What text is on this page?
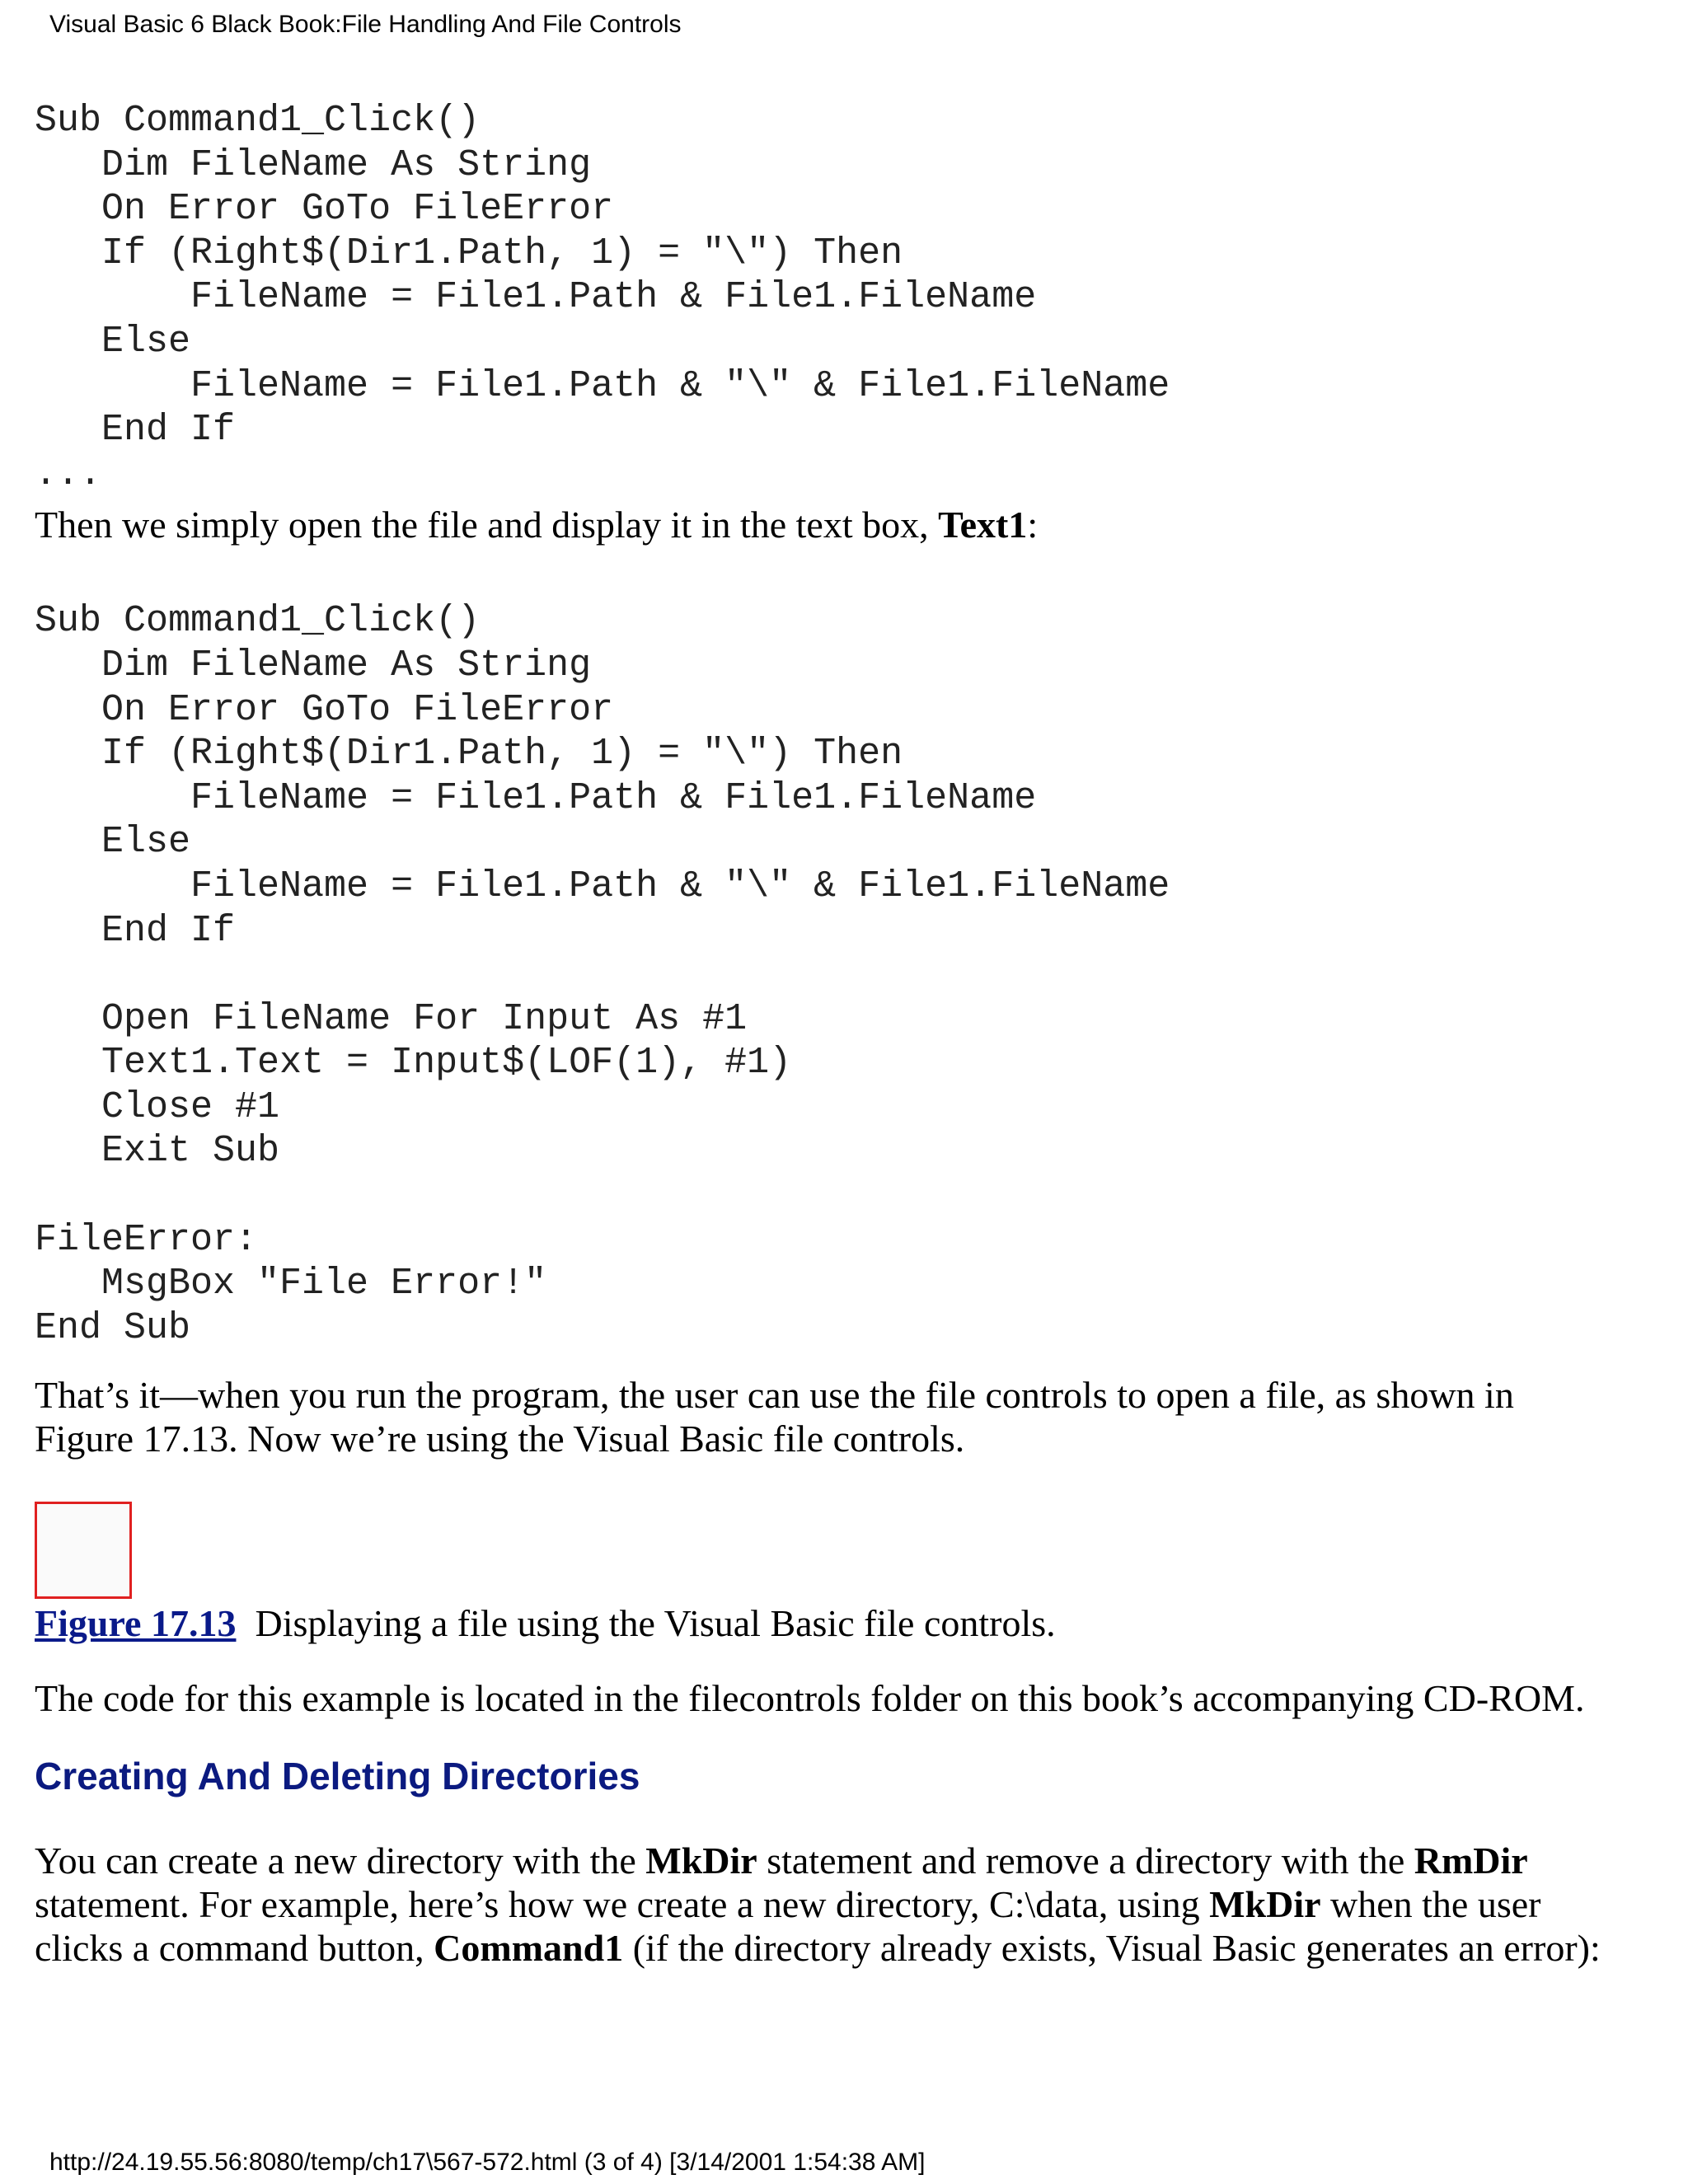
Visual Basic 6 Black Book:File Handling And File Controls
Sub Command1_Click()
Dim FileName As String
On Error GoTo FileError
If (Right$(Dir1.Path, 1) = "\") Then
FileName = File1.Path & File1.FileName
Else
FileName = File1.Path & "\" & File1.FileName
End If
...

Then we simply open the file and display it in the text box, Text1:

Sub Command1_Click()
Dim FileName As String
On Error GoTo FileError
If (Right$(Dir1.Path, 1) = "\") Then
FileName = File1.Path & File1.FileName
Else
FileName = File1.Path & "\" & File1.FileName
End If

Open FileName For Input As #1
Text1.Text = Input$(LOF(1), #1)
Close #1
Exit Sub

FileError:
MsgBox "File Error!"
End Sub

That’s it—when you run the program, the user can use the file controls to open a file, as shown in
Figure 17.13. Now we’re using the Visual Basic file controls.

Figure 17.13 Displaying a file using the Visual Basic file controls.

The code for this example is located in the filecontrols folder on this book’s accompanying CD-ROM.

Creating And Deleting Directories

You can create a new directory with the MkDir statement and remove a directory with the RmDir
statement. For example, here’s how we create a new directory, C:\data, using MkDir when the user
clicks a command button, Command1 (if the directory already exists, Visual Basic generates an error):

http://24.19.55.56:8080/temp/ch17\567-572.html (3 of 4) [3/14/2001 1:54:38 AM]
